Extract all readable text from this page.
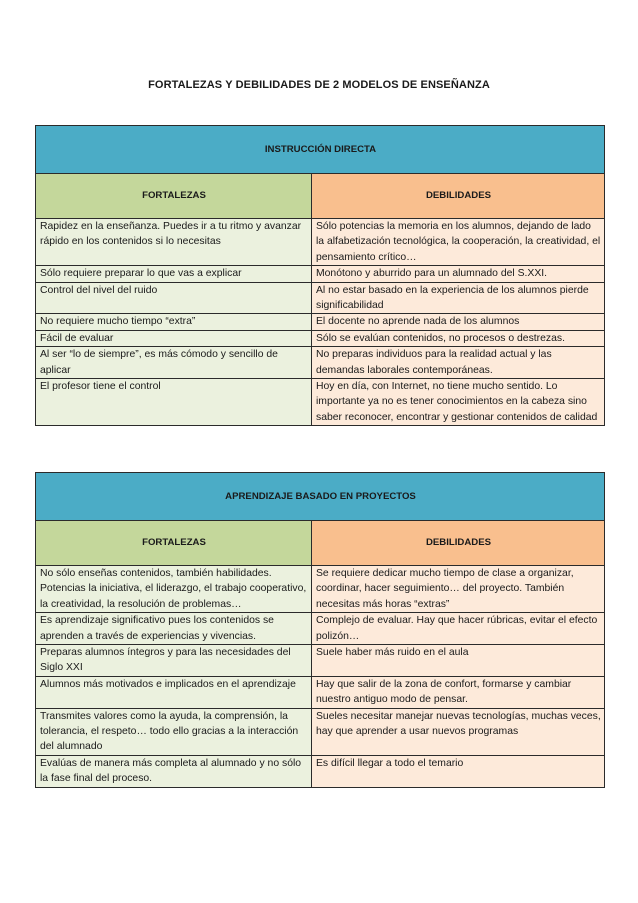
FORTALEZAS Y DEBILIDADES DE 2 MODELOS DE ENSEÑANZA
INSTRUCCIÓN DIRECTA	
FORTALEZAS	DEBILIDADES
Rapidez en la enseñanza. Puedes ir a tu ritmo y avanzar rápido en los contenidos si lo necesitas	Sólo potencias la memoria en los alumnos, dejando de lado la alfabetización tecnológica, la cooperación, la creatividad, el pensamiento crítico…
Sólo requiere preparar lo que vas a explicar	Monótono y aburrido para un alumnado del S.XXI.
Control del nivel del ruido	Al no estar basado en la experiencia de los alumnos pierde significabilidad
No requiere mucho tiempo “extra”	El docente no aprende nada de los alumnos
Fácil de evaluar	Sólo se evalúan contenidos, no procesos o destrezas.
Al ser “lo de siempre”, es más cómodo y sencillo de aplicar	No preparas individuos para la realidad actual y las demandas laborales contemporáneas.
El profesor tiene el control	Hoy en día, con Internet, no tiene mucho sentido. Lo importante ya no es tener conocimientos en la cabeza sino saber reconocer, encontrar y gestionar contenidos de calidad
APRENDIZAJE BASADO EN PROYECTOS	
FORTALEZAS	DEBILIDADES
No sólo enseñas contenidos, también habilidades. Potencias la iniciativa, el liderazgo, el trabajo cooperativo, la creatividad, la resolución de problemas…	Se requiere dedicar mucho tiempo de clase a organizar, coordinar, hacer seguimiento… del proyecto. También necesitas más horas “extras”
Es aprendizaje significativo pues los contenidos se aprenden a través de experiencias y vivencias.	Complejo de evaluar. Hay que hacer rúbricas, evitar el efecto polizón…
Preparas alumnos íntegros y para las necesidades del Siglo XXI	Suele haber más ruido en el aula
Alumnos más motivados e implicados en el aprendizaje	Hay que salir de la zona de confort, formarse y cambiar nuestro antiguo modo de pensar.
Transmites valores como la ayuda, la comprensión, la tolerancia, el respeto… todo ello gracias a la interacción del alumnado	Sueles necesitar manejar nuevas tecnologías, muchas veces, hay que aprender a usar nuevos programas
Evalúas de manera más completa al alumnado y no sólo la fase final del proceso.	Es difícil llegar a todo el temario
